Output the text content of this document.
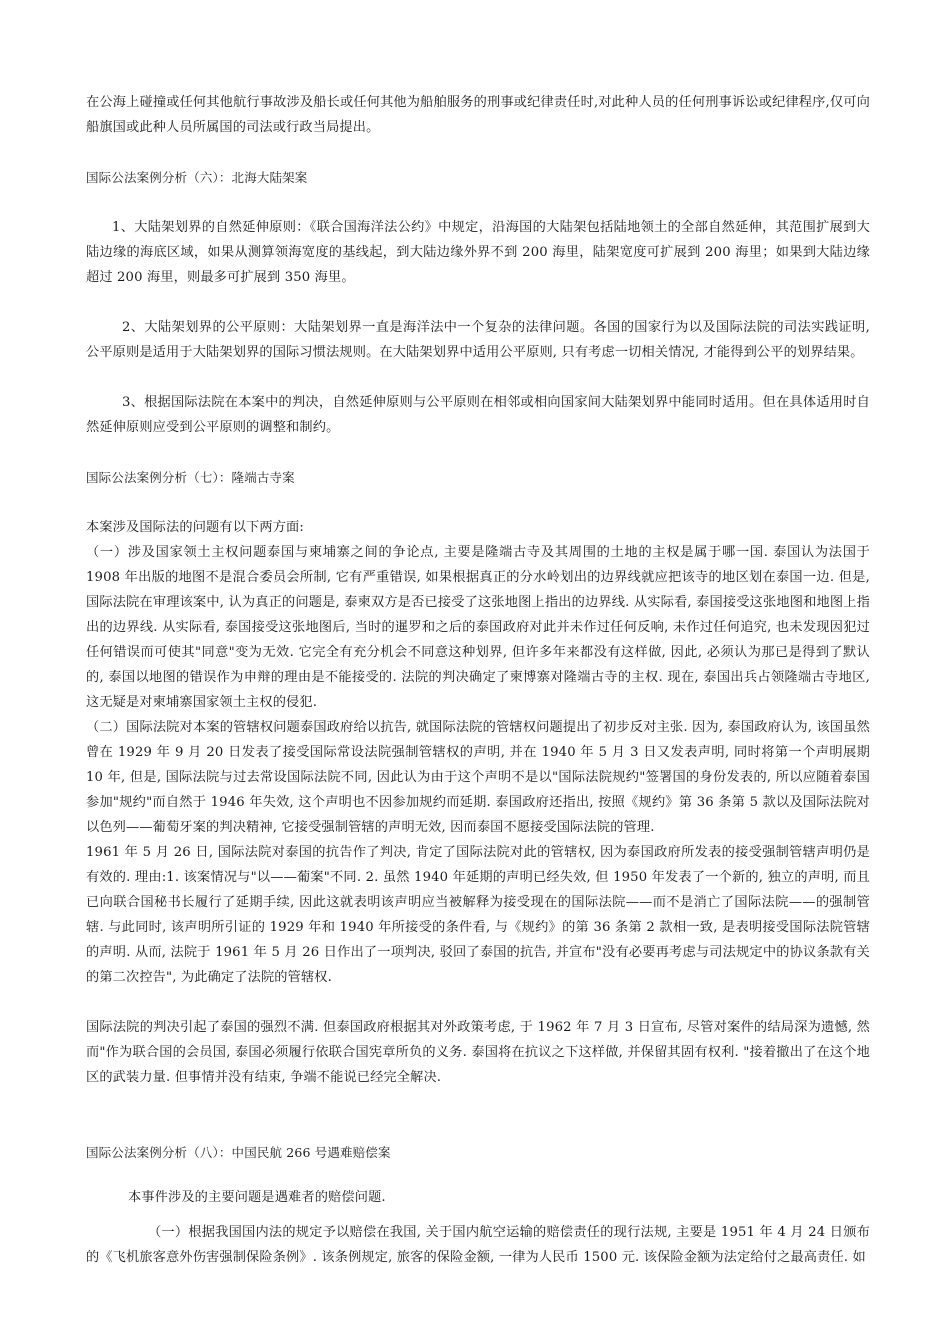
在公海上碰撞或任何其他航行事故涉及船长或任何其他为船舶服务的刑事或纪律责任时,对此种人员的任何刑事诉讼或纪律程序,仅可向船旗国或此种人员所属国的司法或行政当局提出。

国际公法案例分析（六）：北海大陆架案

1、大陆架划界的自然延伸原则：《联合国海洋法公约》中规定，沿海国的大陆架包括陆地领土的全部自然延伸，其范围扩展到大陆边缘的海底区域，如果从测算领海宽度的基线起，到大陆边缘外界不到 200 海里，陆架宽度可扩展到 200 海里；如果到大陆边缘超过 200 海里，则最多可扩展到 350 海里。

2、大陆架划界的公平原则：大陆架划界一直是海洋法中一个复杂的法律问题。各国的国家行为以及国际法院的司法实践证明, 公平原则是适用于大陆架划界的国际习惯法规则。在大陆架划界中适用公平原则, 只有考虑一切相关情况, 才能得到公平的划界结果。

3、根据国际法院在本案中的判决，自然延伸原则与公平原则在相邻或相向国家间大陆架划界中能同时适用。但在具体适用时自然延伸原则应受到公平原则的调整和制约。

国际公法案例分析（七）：隆端古寺案

本案涉及国际法的问题有以下两方面:

（一）涉及国家领土主权问题泰国与柬埔寨之间的争论点, 主要是隆端古寺及其周围的土地的主权是属于哪一国. 泰国认为法国于 1908 年出版的地图不是混合委员会所制, 它有严重错误, 如果根据真正的分水岭划出的边界线就应把该寺的地区划在泰国一边. 但是, 国际法院在审理该案中, 认为真正的问题是, 泰柬双方是否已接受了这张地图上指出的边界线. 从实际看, 泰国接受这张地图和地图上指出的边界线. 从实际看, 泰国接受这张地图后, 当时的暹罗和之后的泰国政府对此并未作过任何反响, 未作过任何追究, 也未发现因犯过任何错误而可使其"同意"变为无效. 它完全有充分机会不同意这种划界, 但许多年来都没有这样做, 因此, 必须认为那已是得到了默认的, 泰国以地图的错误作为申辩的理由是不能接受的. 法院的判决确定了柬博寨对隆端古寺的主权. 现在, 泰国出兵占领隆端古寺地区, 这无疑是对柬埔寨国家领土主权的侵犯.

（二）国际法院对本案的管辖权问题泰国政府给以抗告, 就国际法院的管辖权问题提出了初步反对主张. 因为, 泰国政府认为, 该国虽然曾在 1929 年 9 月 20 日发表了接受国际常设法院强制管辖权的声明, 并在 1940 年 5 月 3 日又发表声明, 同时将第一个声明展期 10 年, 但是, 国际法院与过去常设国际法院不同, 因此认为由于这个声明不是以"国际法院规约"签署国的身份发表的, 所以应随着泰国参加"规约"而自然于 1946 年失效, 这个声明也不因参加规约而延期. 泰国政府还指出, 按照《规约》第 36 条第 5 款以及国际法院对以色列——葡萄牙案的判决精神, 它接受强制管辖的声明无效, 因而泰国不愿接受国际法院的管理.

1961 年 5 月 26 日, 国际法院对泰国的抗告作了判决, 肯定了国际法院对此的管辖权, 因为泰国政府所发表的接受强制管辖声明仍是有效的. 理由:1. 该案情况与"以——葡案"不同. 2. 虽然 1940 年延期的声明已经失效, 但 1950 年发表了一个新的, 独立的声明, 而且已向联合国秘书长履行了延期手续, 因此这就表明该声明应当被解释为接受现在的国际法院——而不是消亡了国际法院——的强制管辖. 与此同时, 该声明所引证的 1929 年和 1940 年所接受的条件看, 与《规约》的第 36 条第 2 款相一致, 是表明接受国际法院管辖的声明. 从而, 法院于 1961 年 5 月 26 日作出了一项判决, 驳回了泰国的抗告, 并宣布"没有必要再考虑与司法规定中的协议条款有关的第二次控告", 为此确定了法院的管辖权.

国际法院的判决引起了泰国的强烈不满. 但泰国政府根据其对外政策考虑, 于 1962 年 7 月 3 日宣布, 尽管对案件的结局深为遗憾, 然而"作为联合国的会员国, 泰国必须履行依联合国宪章所负的义务. 泰国将在抗议之下这样做, 并保留其固有权利. "接着撤出了在这个地区的武装力量. 但事情并没有结束, 争端不能说已经完全解决.

国际公法案例分析（八）：中国民航 266 号遇难赔偿案

本事件涉及的主要问题是遇难者的赔偿问题.

（一）根据我国国内法的规定予以赔偿在我国, 关于国内航空运输的赔偿责任的现行法规, 主要是 1951 年 4 月 24 日颁布的《飞机旅客意外伤害强制保险条例》. 该条例规定, 旅客的保险金额, 一律为人民币 1500 元. 该保险金额为法定给付之最高责任. 如
